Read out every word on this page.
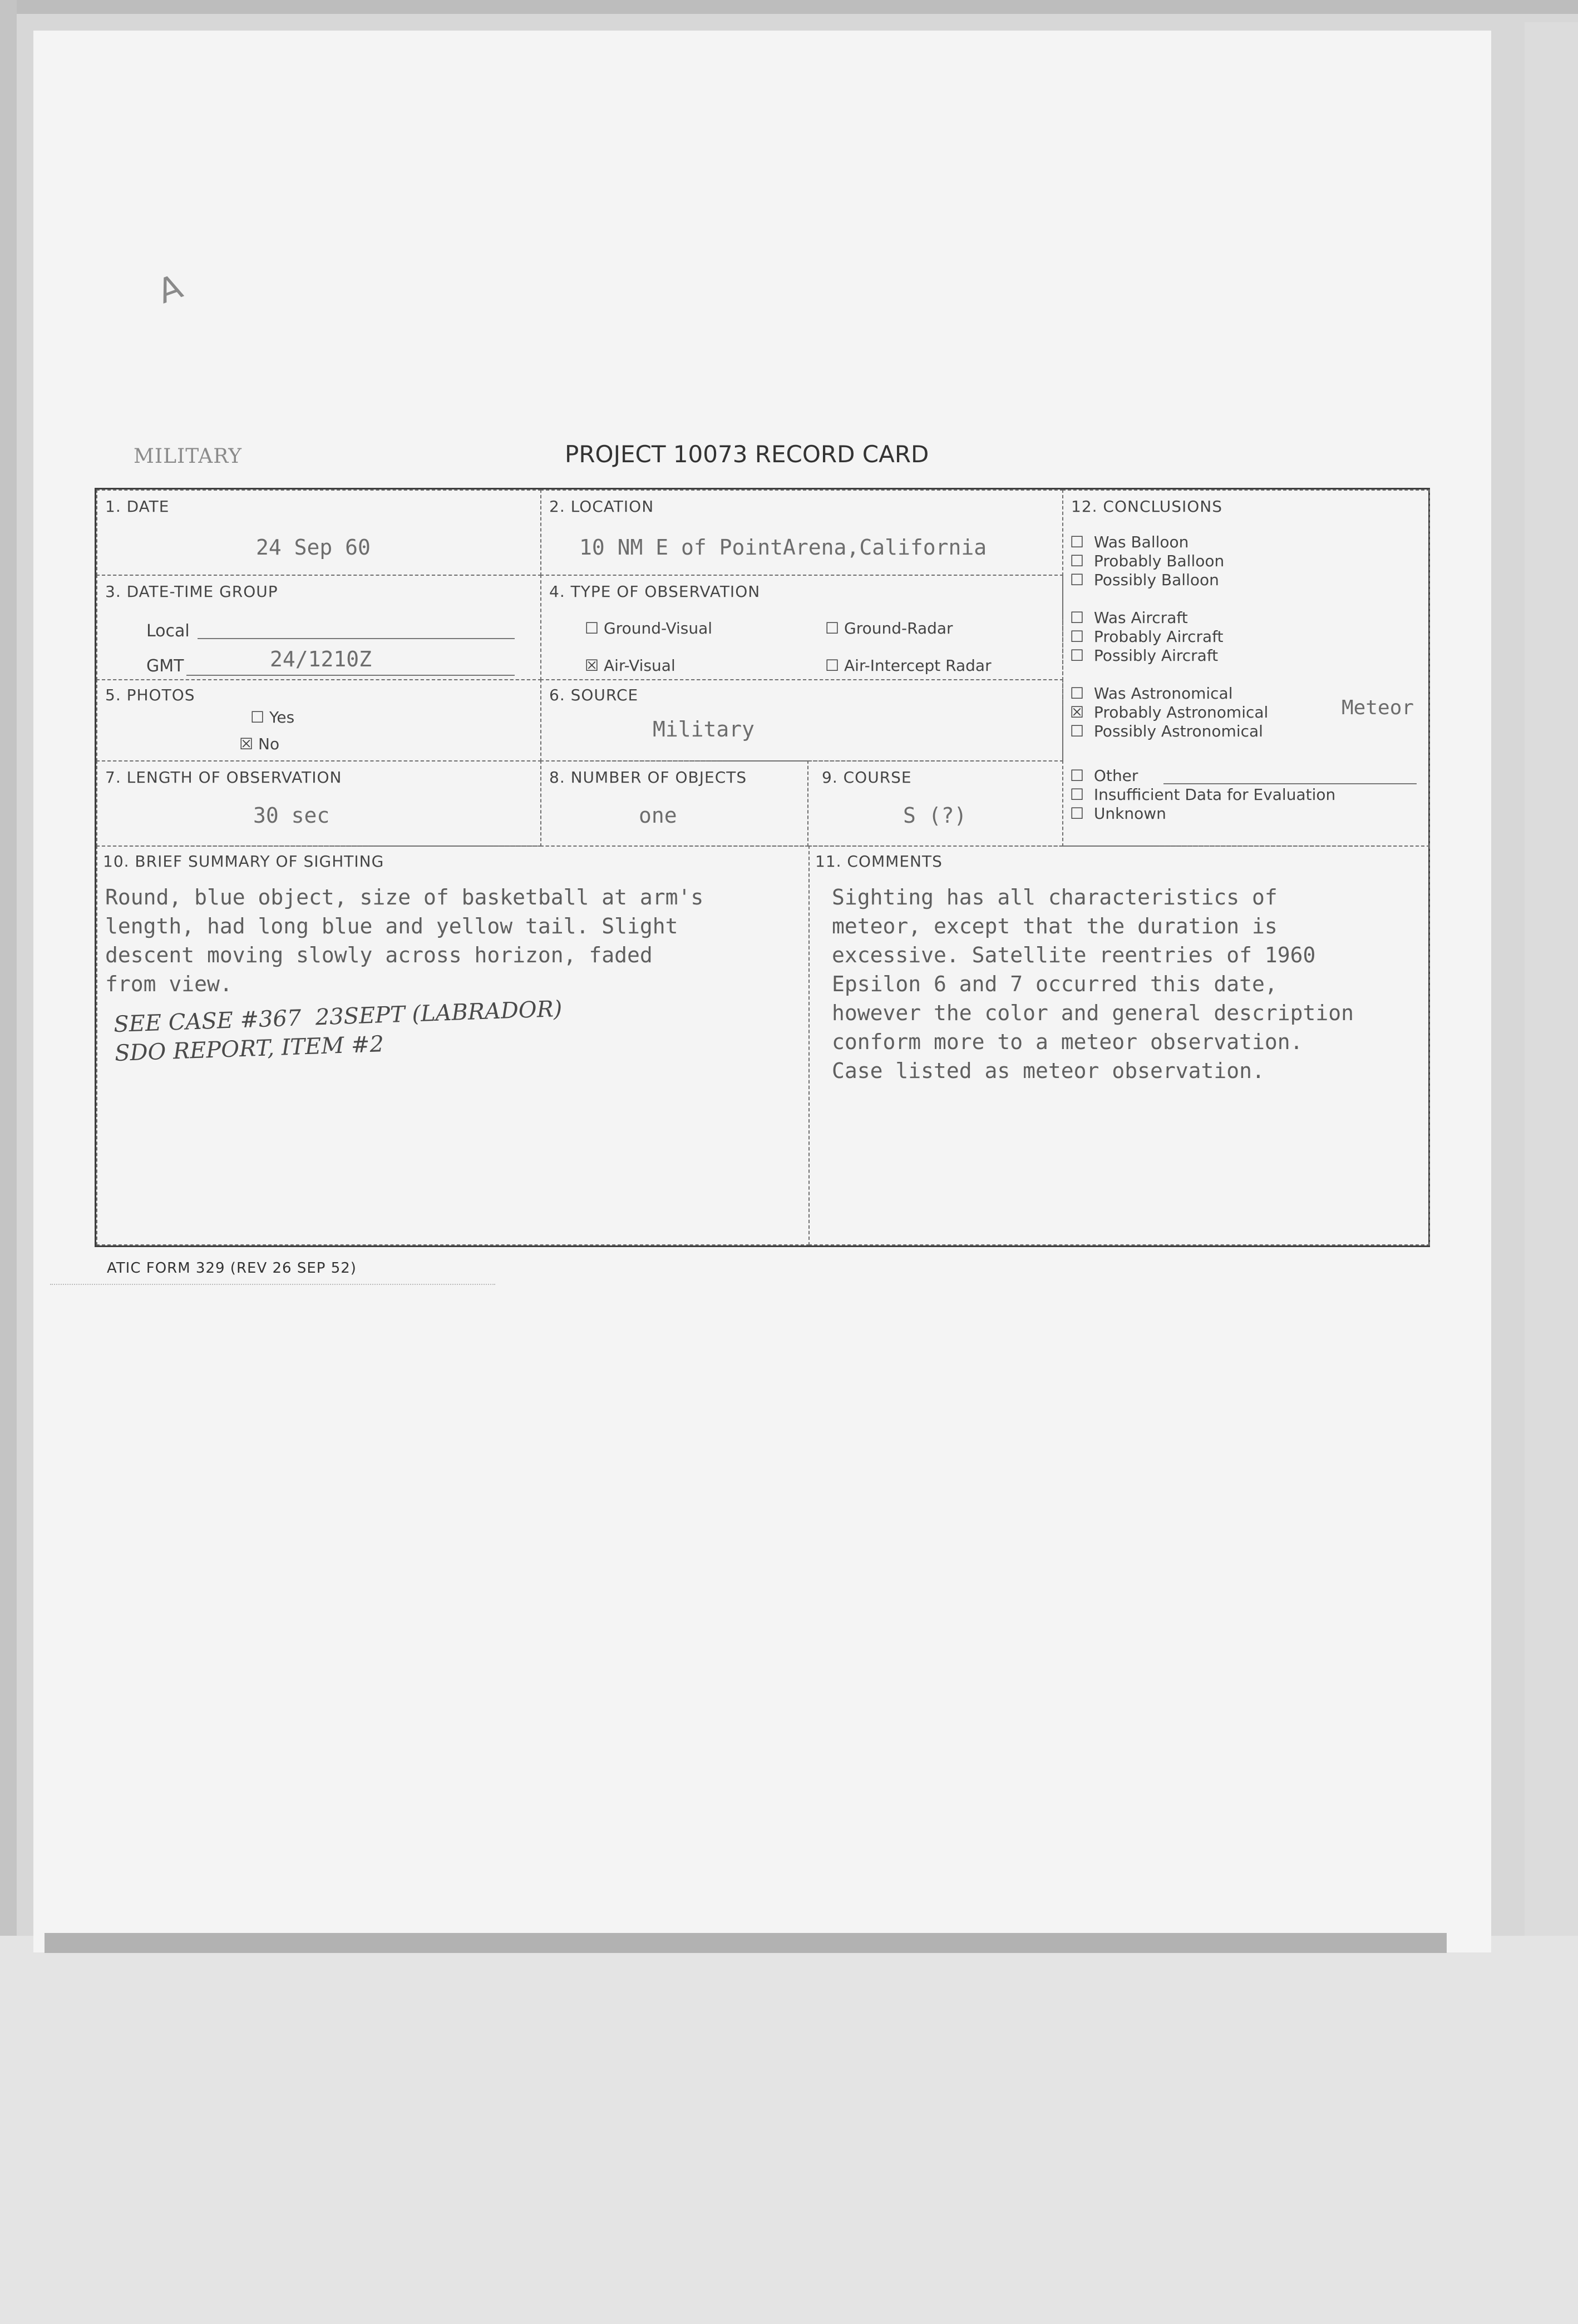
A
MILITARY	PROJECT 10073 RECORD CARD
1. DATE
24 Sep 60
2. LOCATION
10 NM E of PointArena,California
3. DATE-TIME GROUP
Local
GMT	24/1210Z
4. TYPE OF OBSERVATION
☐ Ground-Visual	☐ Ground-Radar
☒ Air-Visual	☐ Air-Intercept Radar
5. PHOTOS
☐ Yes
☒ No
6. SOURCE
Military
7. LENGTH OF OBSERVATION
30 sec
8. NUMBER OF OBJECTS
one
9. COURSE
S (?)
12. CONCLUSIONS
☐ Was Balloon
☐ Probably Balloon
☐ Possibly Balloon
☐ Was Aircraft
☐ Probably Aircraft
☐ Possibly Aircraft
☐ Was Astronomical
☒ Probably Astronomical
☐ Possibly Astronomical
Meteor
☐ Other
☐ Insufficient Data for Evaluation
☐ Unknown
10. BRIEF SUMMARY OF SIGHTING
Round, blue object, size of basketball at arm's
length, had long blue and yellow tail. Slight
descent moving slowly across horizon, faded
from view.
SEE CASE #367  23SEPT (LABRADOR)
SDO REPORT, ITEM #2
11. COMMENTS
Sighting has all characteristics of
meteor, except that the duration is
excessive. Satellite reentries of 1960
Epsilon 6 and 7 occurred this date,
however the color and general description
conform more to a meteor observation.
Case listed as meteor observation.
ATIC FORM 329 (REV 26 SEP 52)
